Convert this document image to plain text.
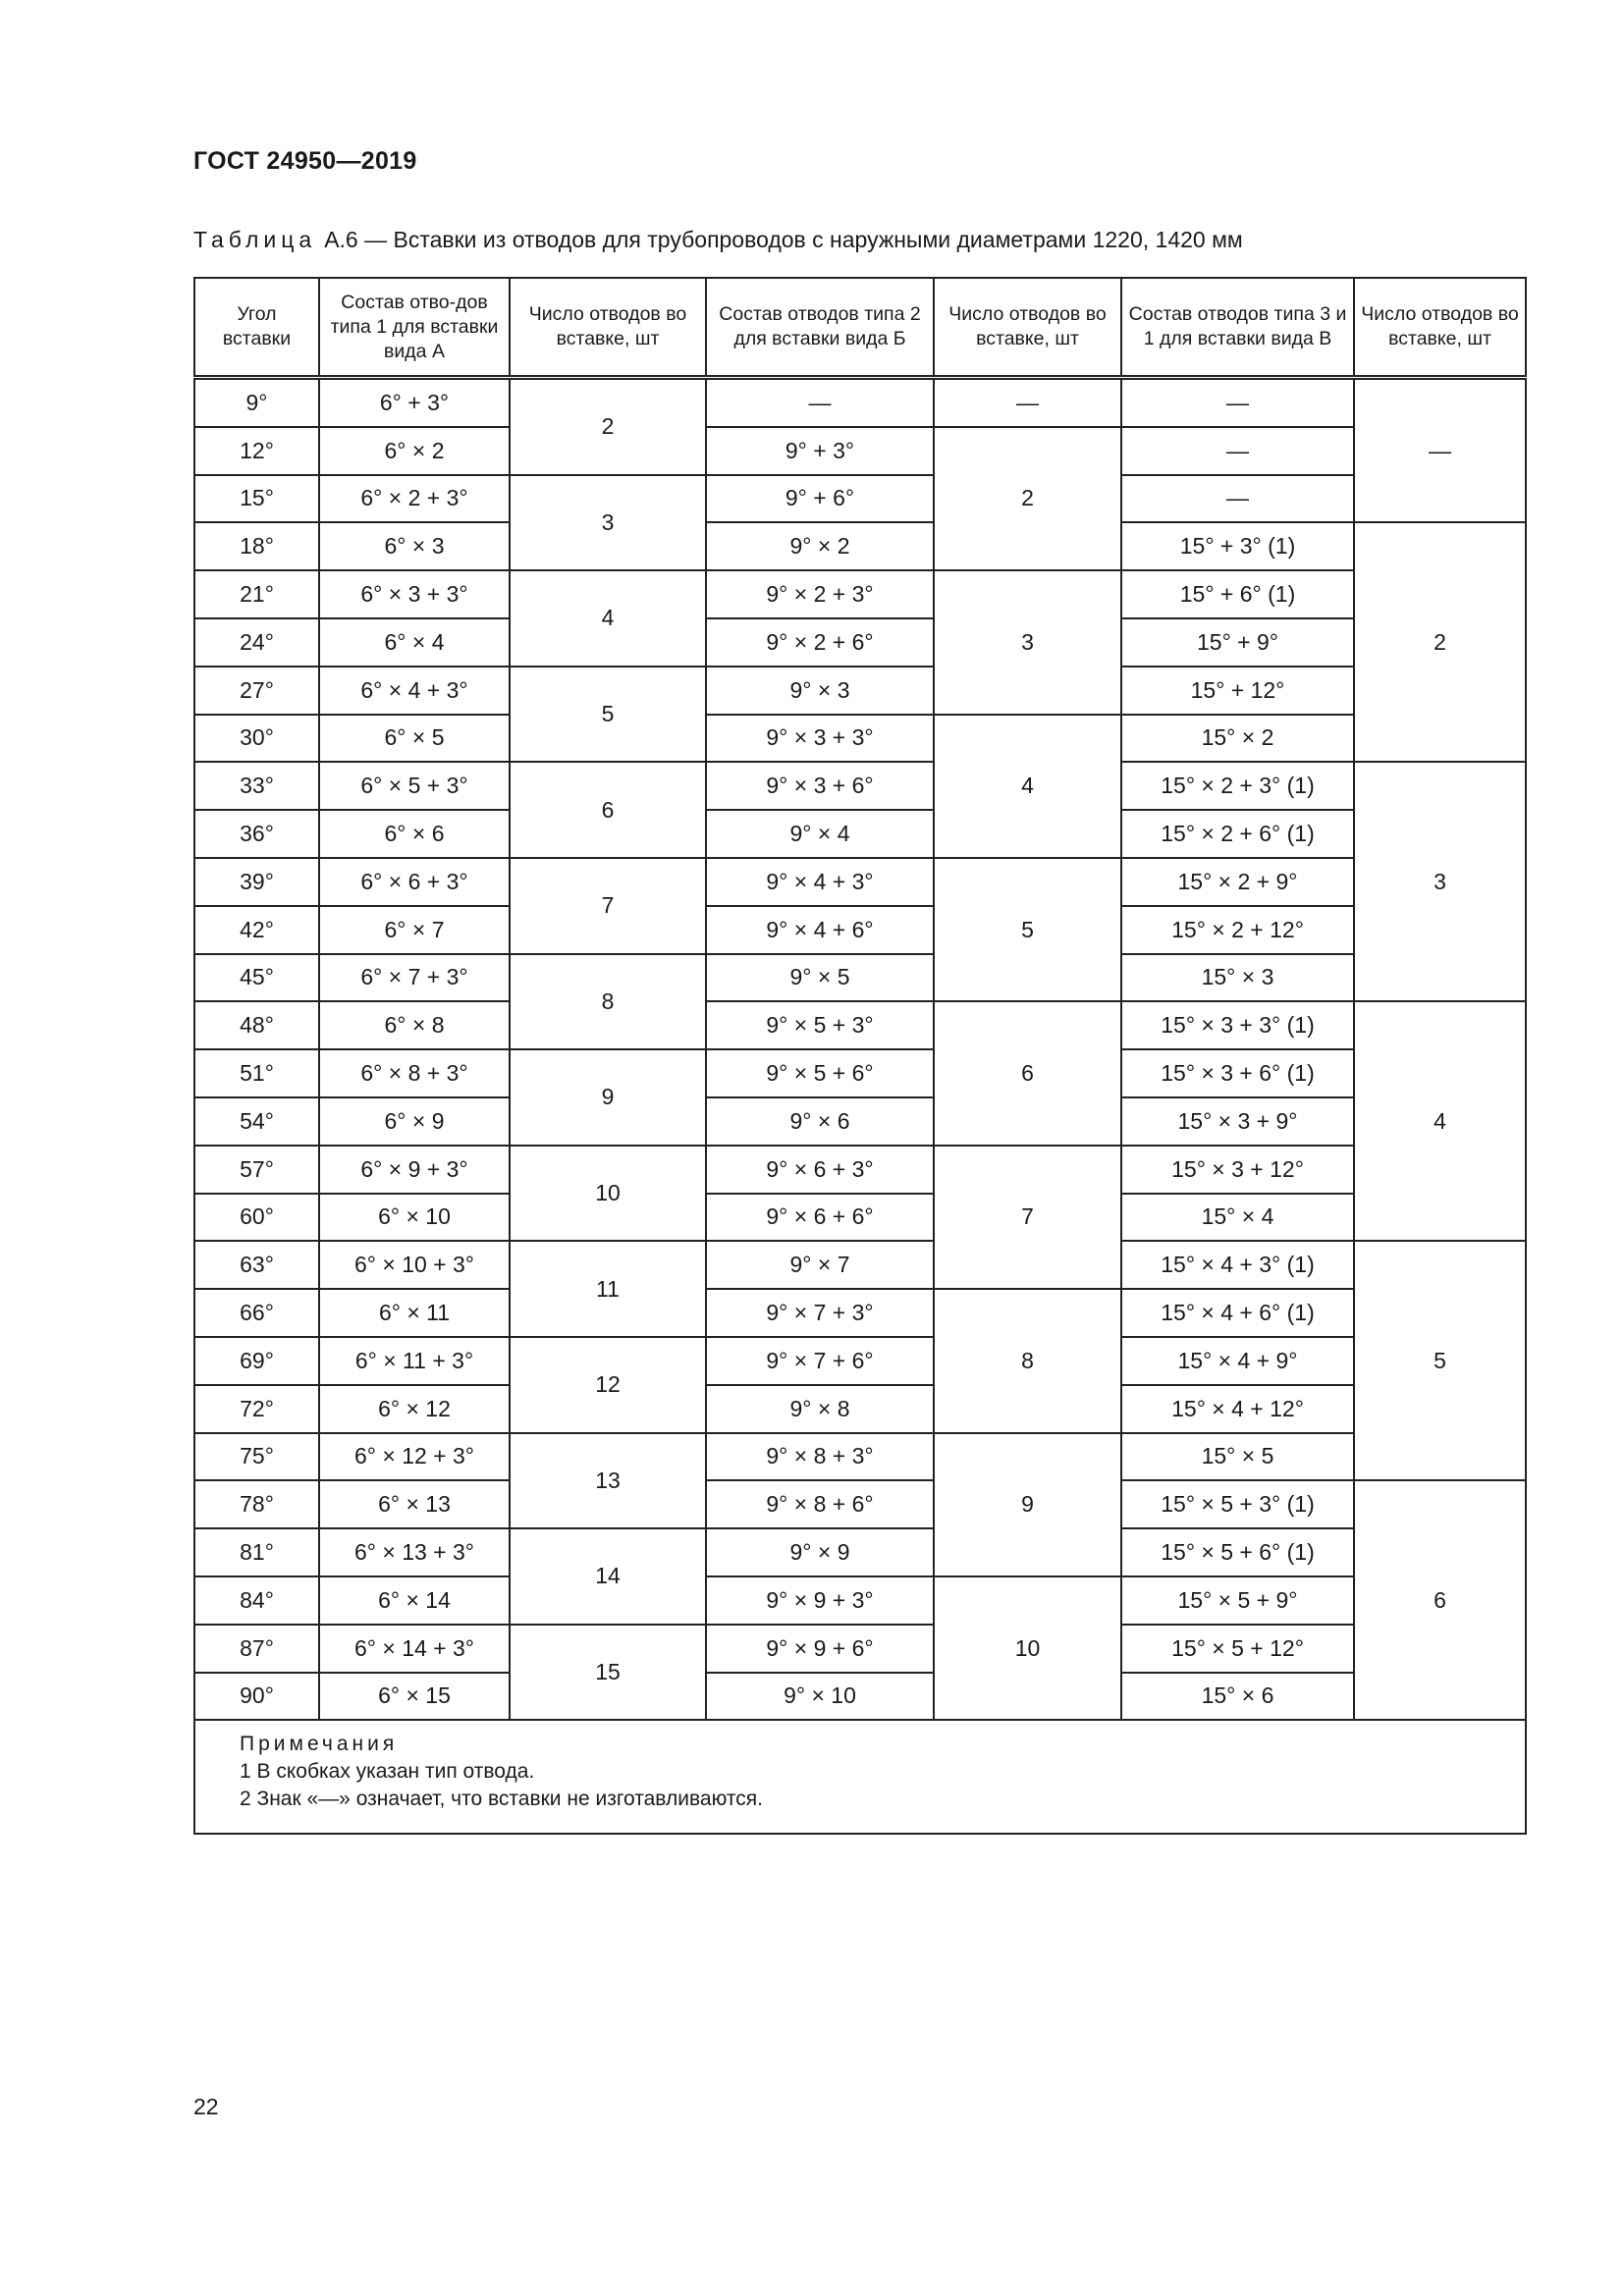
ГОСТ 24950—2019
Таблица А.6 — Вставки из отводов для трубопроводов с наружными диаметрами 1220, 1420 мм
Угол вставки	Состав отво-дов типа 1 для вставки вида А	Число отводов во вставке, шт	Состав отводов типа 2 для вставки вида Б	Число отводов во вставке, шт	Состав отводов типа 3 и 1 для вставки вида В	Число отводов во вставке, шт
9°	6° + 3°	2	—	—	—	—
12°	6° × 2		9° + 3°	2	—	
15°	6° × 2 + 3°	3	9° + 6°		—	
18°	6° × 3		9° × 2		15° + 3° (1)	2
21°	6° × 3 + 3°	4	9° × 2 + 3°	3	15° + 6° (1)	
24°	6° × 4		9° × 2 + 6°		15° + 9°	
27°	6° × 4 + 3°	5	9° × 3		15° + 12°	
30°	6° × 5		9° × 3 + 3°	4	15° × 2	
33°	6° × 5 + 3°	6	9° × 3 + 6°		15° × 2 + 3° (1)	3
36°	6° × 6		9° × 4		15° × 2 + 6° (1)	
39°	6° × 6 + 3°	7	9° × 4 + 3°	5	15° × 2 + 9°	
42°	6° × 7		9° × 4 + 6°		15° × 2 + 12°	
45°	6° × 7 + 3°	8	9° × 5		15° × 3	
48°	6° × 8		9° × 5 + 3°	6	15° × 3 + 3° (1)	4
51°	6° × 8 + 3°	9	9° × 5 + 6°		15° × 3 + 6° (1)	
54°	6° × 9		9° × 6		15° × 3 + 9°	
57°	6° × 9 + 3°	10	9° × 6 + 3°	7	15° × 3 + 12°	
60°	6° × 10		9° × 6 + 6°		15° × 4	
63°	6° × 10 + 3°	11	9° × 7		15° × 4 + 3° (1)	5
66°	6° × 11		9° × 7 + 3°	8	15° × 4 + 6° (1)	
69°	6° × 11 + 3°	12	9° × 7 + 6°		15° × 4 + 9°	
72°	6° × 12		9° × 8		15° × 4 + 12°	
75°	6° × 12 + 3°	13	9° × 8 + 3°	9	15° × 5	
78°	6° × 13		9° × 8 + 6°		15° × 5 + 3° (1)	6
81°	6° × 13 + 3°	14	9° × 9		15° × 5 + 6° (1)	
84°	6° × 14		9° × 9 + 3°	10	15° × 5 + 9°	
87°	6° × 14 + 3°	15	9° × 9 + 6°		15° × 5 + 12°	
90°	6° × 15		9° × 10		15° × 6	

Примечания
1 В скобках указан тип отвода.
2 Знак «—» означает, что вставки не изготавливаются.						
22
